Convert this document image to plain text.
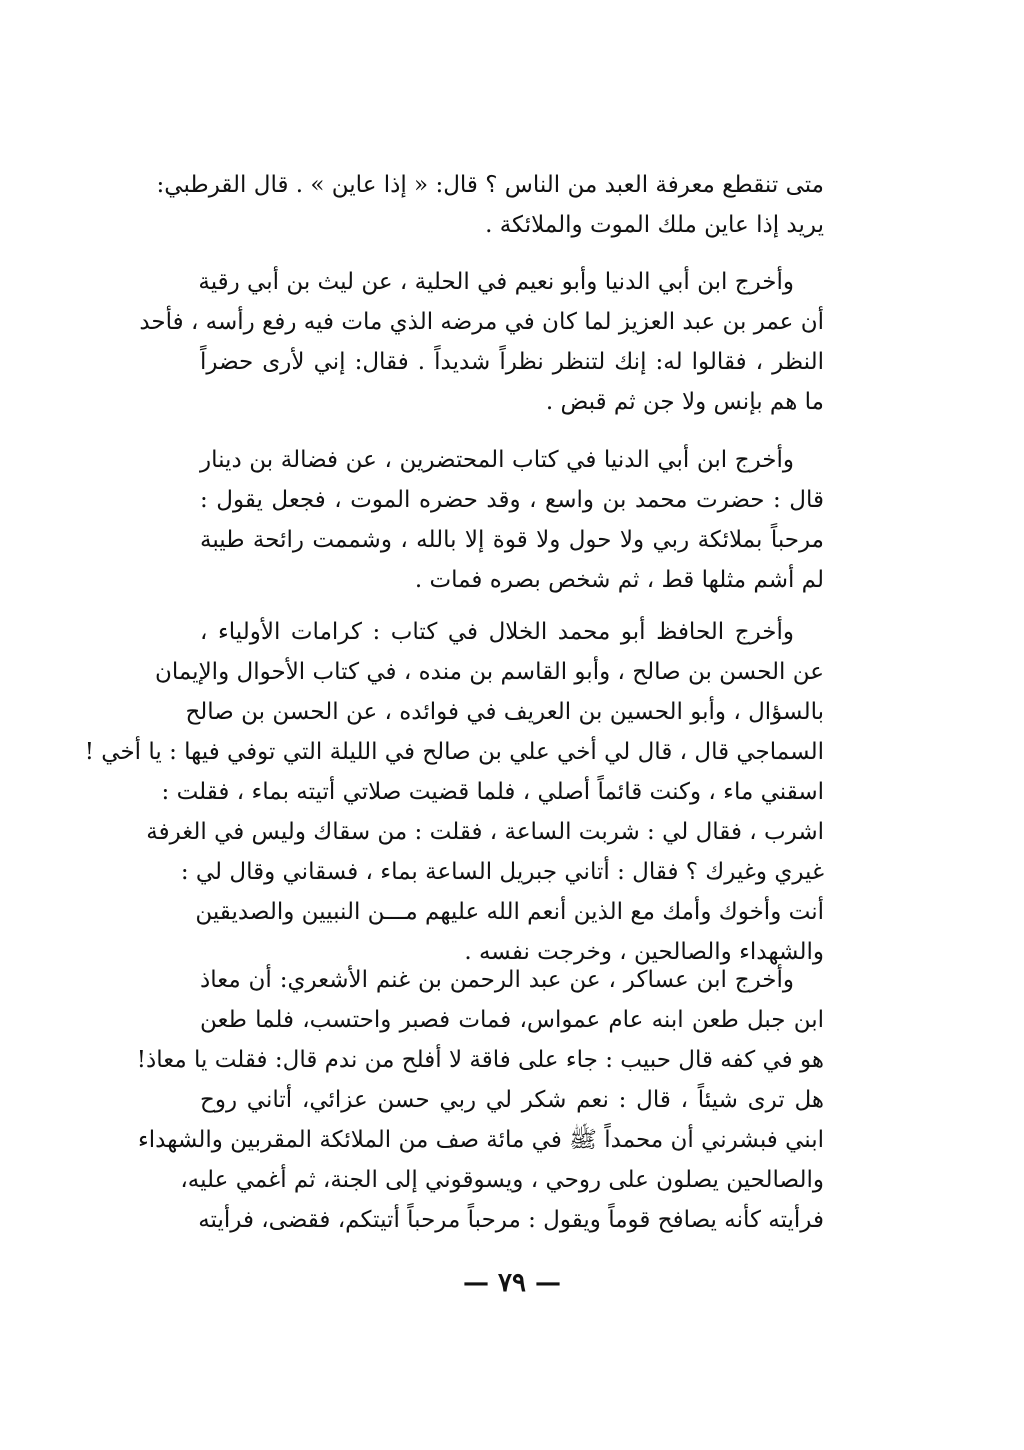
متى تنقطع معرفة العبد من الناس ؟ قال: « إذا عاين » . قال القرطبي:
يريد إذا عاين ملك الموت والملائكة .
وأخرج ابن أبي الدنيا وأبو نعيم في الحلية ، عن ليث بن أبي رقية
أن عمر بن عبد العزيز لما كان في مرضه الذي مات فيه رفع رأسه ، فأحد
النظر ، فقالوا له: إنك لتنظر نظراً شديداً . فقال: إني لأرى حضراً
ما هم بإنس ولا جن ثم قبض .
وأخرج ابن أبي الدنيا في كتاب المحتضرين ، عن فضالة بن دينار
قال : حضرت محمد بن واسع ، وقد حضره الموت ، فجعل يقول :
مرحباً بملائكة ربي ولا حول ولا قوة إلا بالله ، وشممت رائحة طيبة
لم أشم مثلها قط ، ثم شخص بصره فمات .
وأخرج الحافظ أبو محمد الخلال في كتاب : كرامات الأولياء ،
عن الحسن بن صالح ، وأبو القاسم بن منده ، في كتاب الأحوال والإيمان
بالسؤال ، وأبو الحسين بن العريف في فوائده ، عن الحسن بن صالح
السماجي قال ، قال لي أخي علي بن صالح في الليلة التي توفي فيها : يا أخي !
اسقني ماء ، وكنت قائماً أصلي ، فلما قضيت صلاتي أتيته بماء ، فقلت :
اشرب ، فقال لي : شربت الساعة ، فقلت : من سقاك وليس في الغرفة
غيري وغيرك ؟ فقال : أتاني جبريل الساعة بماء ، فسقاني وقال لي :
أنت وأخوك وأمك مع الذين أنعم الله عليهم مـــن النبيين والصديقين
والشهداء والصالحين ، وخرجت نفسه .
وأخرج ابن عساكر ، عن عبد الرحمن بن غنم الأشعري: أن معاذ
ابن جبل طعن ابنه عام عمواس، فمات فصبر واحتسب، فلما طعن
هو في كفه قال حبيب : جاء على فاقة لا أفلح من ندم قال: فقلت يا معاذ!
هل ترى شيئاً ، قال : نعم شكر لي ربي حسن عزائي، أتاني روح
ابني فبشرني أن محمداً ﷺ في مائة صف من الملائكة المقربين والشهداء
والصالحين يصلون على روحي ، ويسوقوني إلى الجنة، ثم أغمي عليه،
فرأيته كأنه يصافح قوماً ويقول : مرحباً مرحباً أتيتكم، فقضى، فرأيته
— ٧٩ —
